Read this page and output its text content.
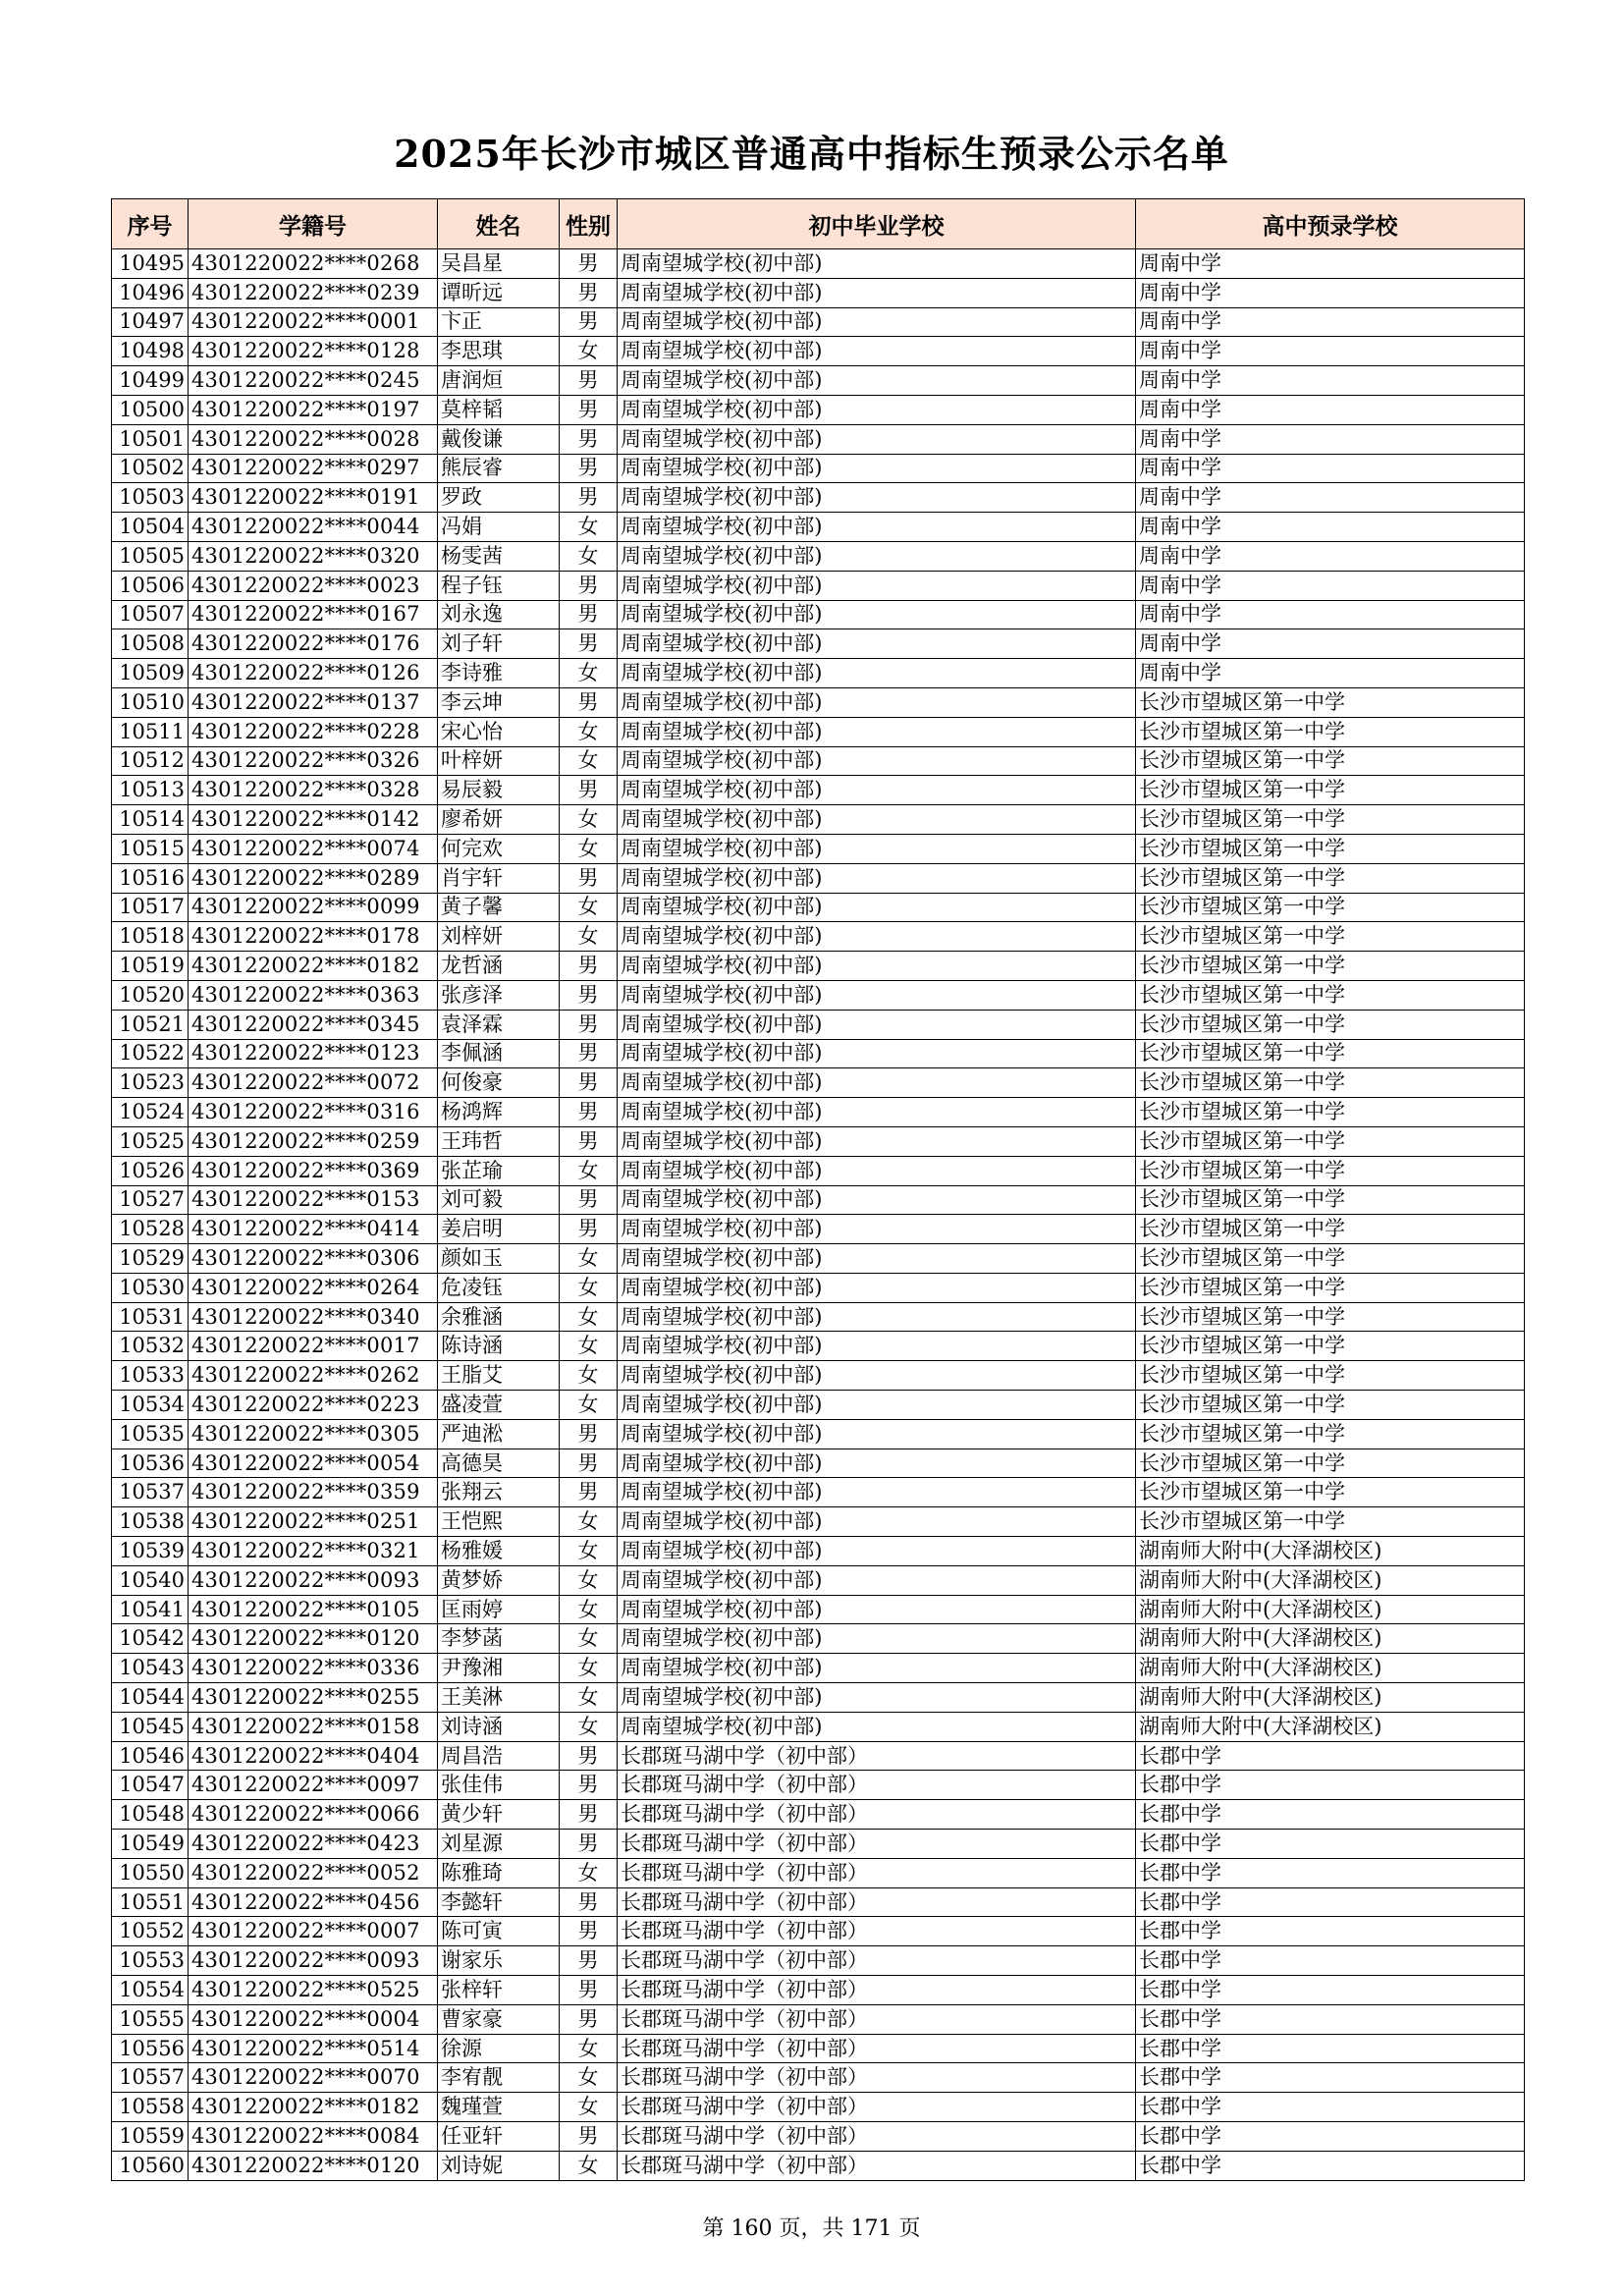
2025年长沙市城区普通高中指标生预录公示名单
序号	学籍号	姓名	性别	初中毕业学校	高中预录学校
10495	4301220022****0268	吴昌星	男	周南望城学校(初中部)	周南中学
10496	4301220022****0239	谭昕远	男	周南望城学校(初中部)	周南中学
10497	4301220022****0001	卞正	男	周南望城学校(初中部)	周南中学
10498	4301220022****0128	李思琪	女	周南望城学校(初中部)	周南中学
10499	4301220022****0245	唐润烜	男	周南望城学校(初中部)	周南中学
10500	4301220022****0197	莫梓韬	男	周南望城学校(初中部)	周南中学
10501	4301220022****0028	戴俊谦	男	周南望城学校(初中部)	周南中学
10502	4301220022****0297	熊辰睿	男	周南望城学校(初中部)	周南中学
10503	4301220022****0191	罗政	男	周南望城学校(初中部)	周南中学
10504	4301220022****0044	冯娟	女	周南望城学校(初中部)	周南中学
10505	4301220022****0320	杨雯茜	女	周南望城学校(初中部)	周南中学
10506	4301220022****0023	程子钰	男	周南望城学校(初中部)	周南中学
10507	4301220022****0167	刘永逸	男	周南望城学校(初中部)	周南中学
10508	4301220022****0176	刘子轩	男	周南望城学校(初中部)	周南中学
10509	4301220022****0126	李诗雅	女	周南望城学校(初中部)	周南中学
10510	4301220022****0137	李云坤	男	周南望城学校(初中部)	长沙市望城区第一中学
10511	4301220022****0228	宋心怡	女	周南望城学校(初中部)	长沙市望城区第一中学
10512	4301220022****0326	叶梓妍	女	周南望城学校(初中部)	长沙市望城区第一中学
10513	4301220022****0328	易辰毅	男	周南望城学校(初中部)	长沙市望城区第一中学
10514	4301220022****0142	廖希妍	女	周南望城学校(初中部)	长沙市望城区第一中学
10515	4301220022****0074	何完欢	女	周南望城学校(初中部)	长沙市望城区第一中学
10516	4301220022****0289	肖宇轩	男	周南望城学校(初中部)	长沙市望城区第一中学
10517	4301220022****0099	黄子馨	女	周南望城学校(初中部)	长沙市望城区第一中学
10518	4301220022****0178	刘梓妍	女	周南望城学校(初中部)	长沙市望城区第一中学
10519	4301220022****0182	龙哲涵	男	周南望城学校(初中部)	长沙市望城区第一中学
10520	4301220022****0363	张彦泽	男	周南望城学校(初中部)	长沙市望城区第一中学
10521	4301220022****0345	袁泽霖	男	周南望城学校(初中部)	长沙市望城区第一中学
10522	4301220022****0123	李佩涵	男	周南望城学校(初中部)	长沙市望城区第一中学
10523	4301220022****0072	何俊豪	男	周南望城学校(初中部)	长沙市望城区第一中学
10524	4301220022****0316	杨鸿辉	男	周南望城学校(初中部)	长沙市望城区第一中学
10525	4301220022****0259	王玮哲	男	周南望城学校(初中部)	长沙市望城区第一中学
10526	4301220022****0369	张芷瑜	女	周南望城学校(初中部)	长沙市望城区第一中学
10527	4301220022****0153	刘可毅	男	周南望城学校(初中部)	长沙市望城区第一中学
10528	4301220022****0414	姜启明	男	周南望城学校(初中部)	长沙市望城区第一中学
10529	4301220022****0306	颜如玉	女	周南望城学校(初中部)	长沙市望城区第一中学
10530	4301220022****0264	危凌钰	女	周南望城学校(初中部)	长沙市望城区第一中学
10531	4301220022****0340	余雅涵	女	周南望城学校(初中部)	长沙市望城区第一中学
10532	4301220022****0017	陈诗涵	女	周南望城学校(初中部)	长沙市望城区第一中学
10533	4301220022****0262	王脂艾	女	周南望城学校(初中部)	长沙市望城区第一中学
10534	4301220022****0223	盛凌萱	女	周南望城学校(初中部)	长沙市望城区第一中学
10535	4301220022****0305	严迪淞	男	周南望城学校(初中部)	长沙市望城区第一中学
10536	4301220022****0054	高德昊	男	周南望城学校(初中部)	长沙市望城区第一中学
10537	4301220022****0359	张翔云	男	周南望城学校(初中部)	长沙市望城区第一中学
10538	4301220022****0251	王恺熙	女	周南望城学校(初中部)	长沙市望城区第一中学
10539	4301220022****0321	杨雅媛	女	周南望城学校(初中部)	湖南师大附中(大泽湖校区)
10540	4301220022****0093	黄梦娇	女	周南望城学校(初中部)	湖南师大附中(大泽湖校区)
10541	4301220022****0105	匡雨婷	女	周南望城学校(初中部)	湖南师大附中(大泽湖校区)
10542	4301220022****0120	李梦菡	女	周南望城学校(初中部)	湖南师大附中(大泽湖校区)
10543	4301220022****0336	尹豫湘	女	周南望城学校(初中部)	湖南师大附中(大泽湖校区)
10544	4301220022****0255	王美淋	女	周南望城学校(初中部)	湖南师大附中(大泽湖校区)
10545	4301220022****0158	刘诗涵	女	周南望城学校(初中部)	湖南师大附中(大泽湖校区)
10546	4301220022****0404	周昌浩	男	长郡斑马湖中学（初中部）	长郡中学
10547	4301220022****0097	张佳伟	男	长郡斑马湖中学（初中部）	长郡中学
10548	4301220022****0066	黄少轩	男	长郡斑马湖中学（初中部）	长郡中学
10549	4301220022****0423	刘星源	男	长郡斑马湖中学（初中部）	长郡中学
10550	4301220022****0052	陈雅琦	女	长郡斑马湖中学（初中部）	长郡中学
10551	4301220022****0456	李懿轩	男	长郡斑马湖中学（初中部）	长郡中学
10552	4301220022****0007	陈可寅	男	长郡斑马湖中学（初中部）	长郡中学
10553	4301220022****0093	谢家乐	男	长郡斑马湖中学（初中部）	长郡中学
10554	4301220022****0525	张梓轩	男	长郡斑马湖中学（初中部）	长郡中学
10555	4301220022****0004	曹家豪	男	长郡斑马湖中学（初中部）	长郡中学
10556	4301220022****0514	徐源	女	长郡斑马湖中学（初中部）	长郡中学
10557	4301220022****0070	李宥靓	女	长郡斑马湖中学（初中部）	长郡中学
10558	4301220022****0182	魏瑾萱	女	长郡斑马湖中学（初中部）	长郡中学
10559	4301220022****0084	任亚轩	男	长郡斑马湖中学（初中部）	长郡中学
10560	4301220022****0120	刘诗妮	女	长郡斑马湖中学（初中部）	长郡中学
第 160 页，共 171 页
